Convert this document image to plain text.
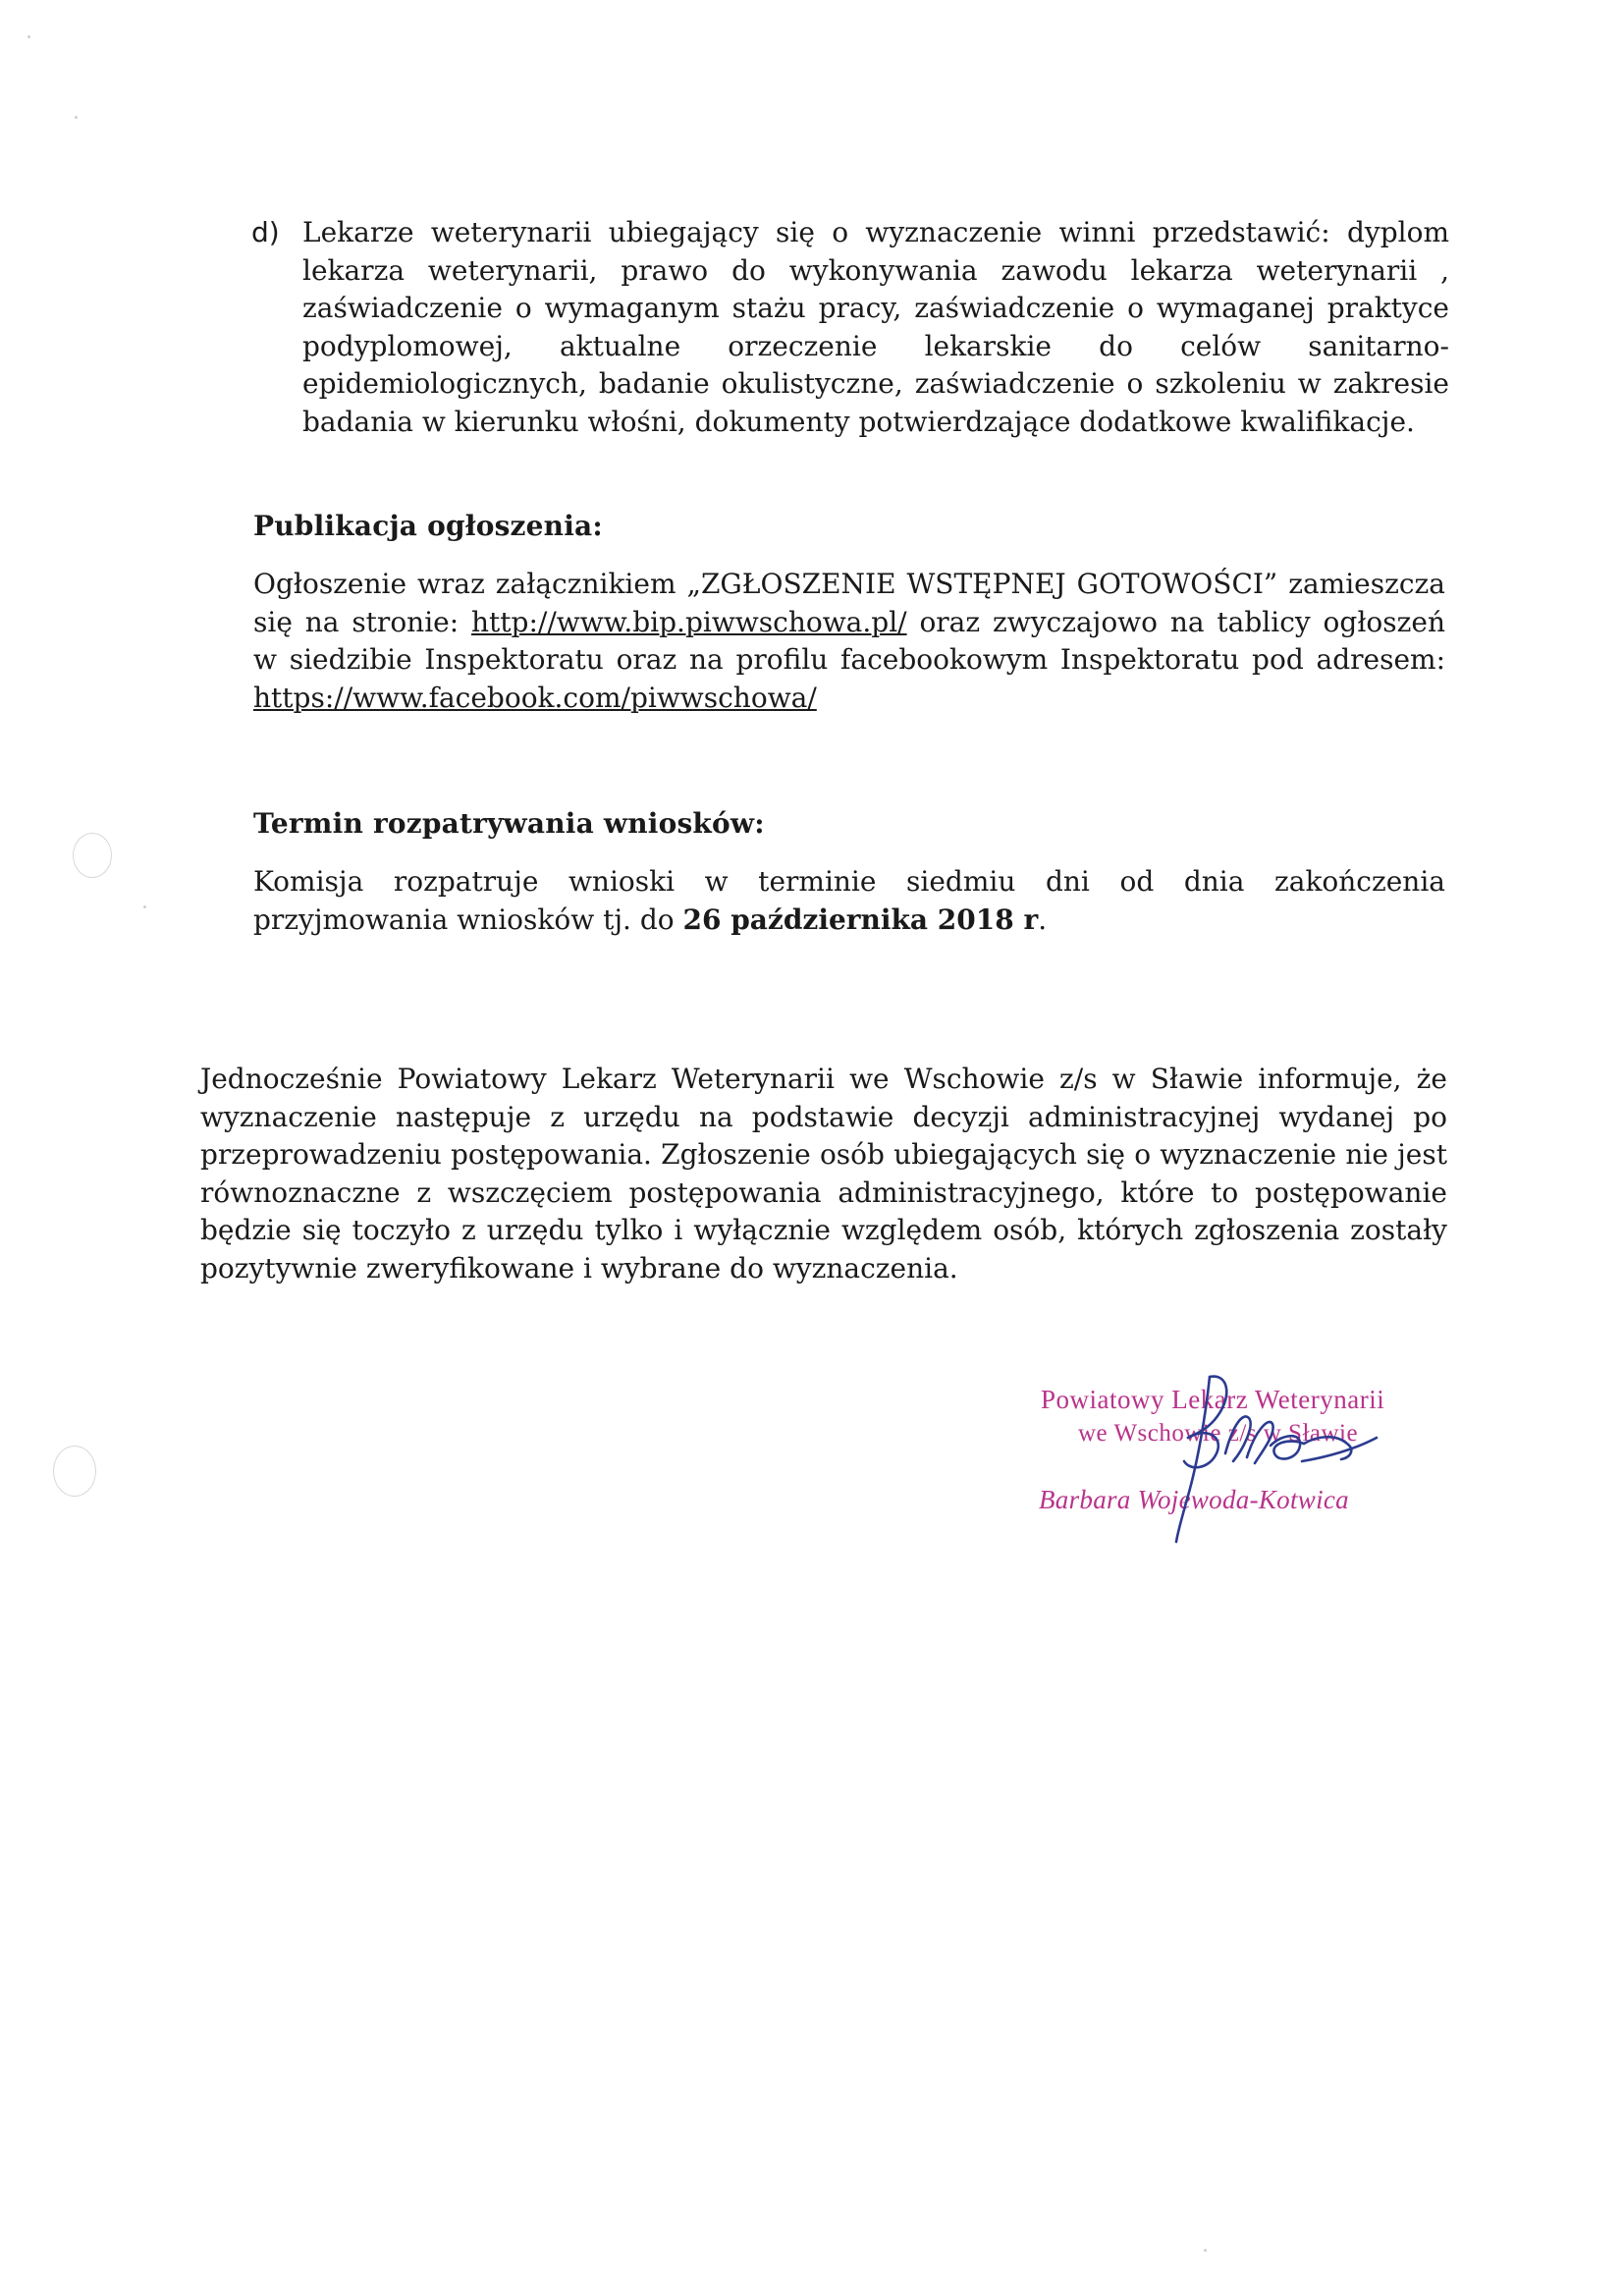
d) Lekarze weterynarii ubiegający się o wyznaczenie winni przedstawić: dyplom lekarza weterynarii, prawo do wykonywania zawodu lekarza weterynarii , zaświadczenie o wymaganym stażu pracy, zaświadczenie o wymaganej praktyce podyplomowej, aktualne orzeczenie lekarskie do celów sanitarno-epidemiologicznych, badanie okulistyczne, zaświadczenie o szkoleniu w zakresie badania w kierunku włośni, dokumenty potwierdzające dodatkowe kwalifikacje.
Publikacja ogłoszenia:
Ogłoszenie wraz załącznikiem „ZGŁOSZENIE WSTĘPNEJ GOTOWOŚCI” zamieszcza się na stronie: http://www.bip.piwwschowa.pl/ oraz zwyczajowo na tablicy ogłoszeń w siedzibie Inspektoratu oraz na profilu facebookowym Inspektoratu pod adresem: https://www.facebook.com/piwwschowa/
Termin rozpatrywania wniosków:
Komisja rozpatruje wnioski w terminie siedmiu dni od dnia zakończenia przyjmowania wniosków tj. do 26 października 2018 r.
Jednocześnie Powiatowy Lekarz Weterynarii we Wschowie z/s w Sławie informuje, że wyznaczenie następuje z urzędu na podstawie decyzji administracyjnej wydanej po przeprowadzeniu postępowania. Zgłoszenie osób ubiegających się o wyznaczenie nie jest równoznaczne z wszczęciem postępowania administracyjnego, które to postępowanie będzie się toczyło z urzędu tylko i wyłącznie względem osób, których zgłoszenia zostały pozytywnie zweryfikowane i wybrane do wyznaczenia.
Powiatowy Lekarz Weterynarii
we Wschowie z/s w Sławie
Barbara Wojewoda-Kotwica
